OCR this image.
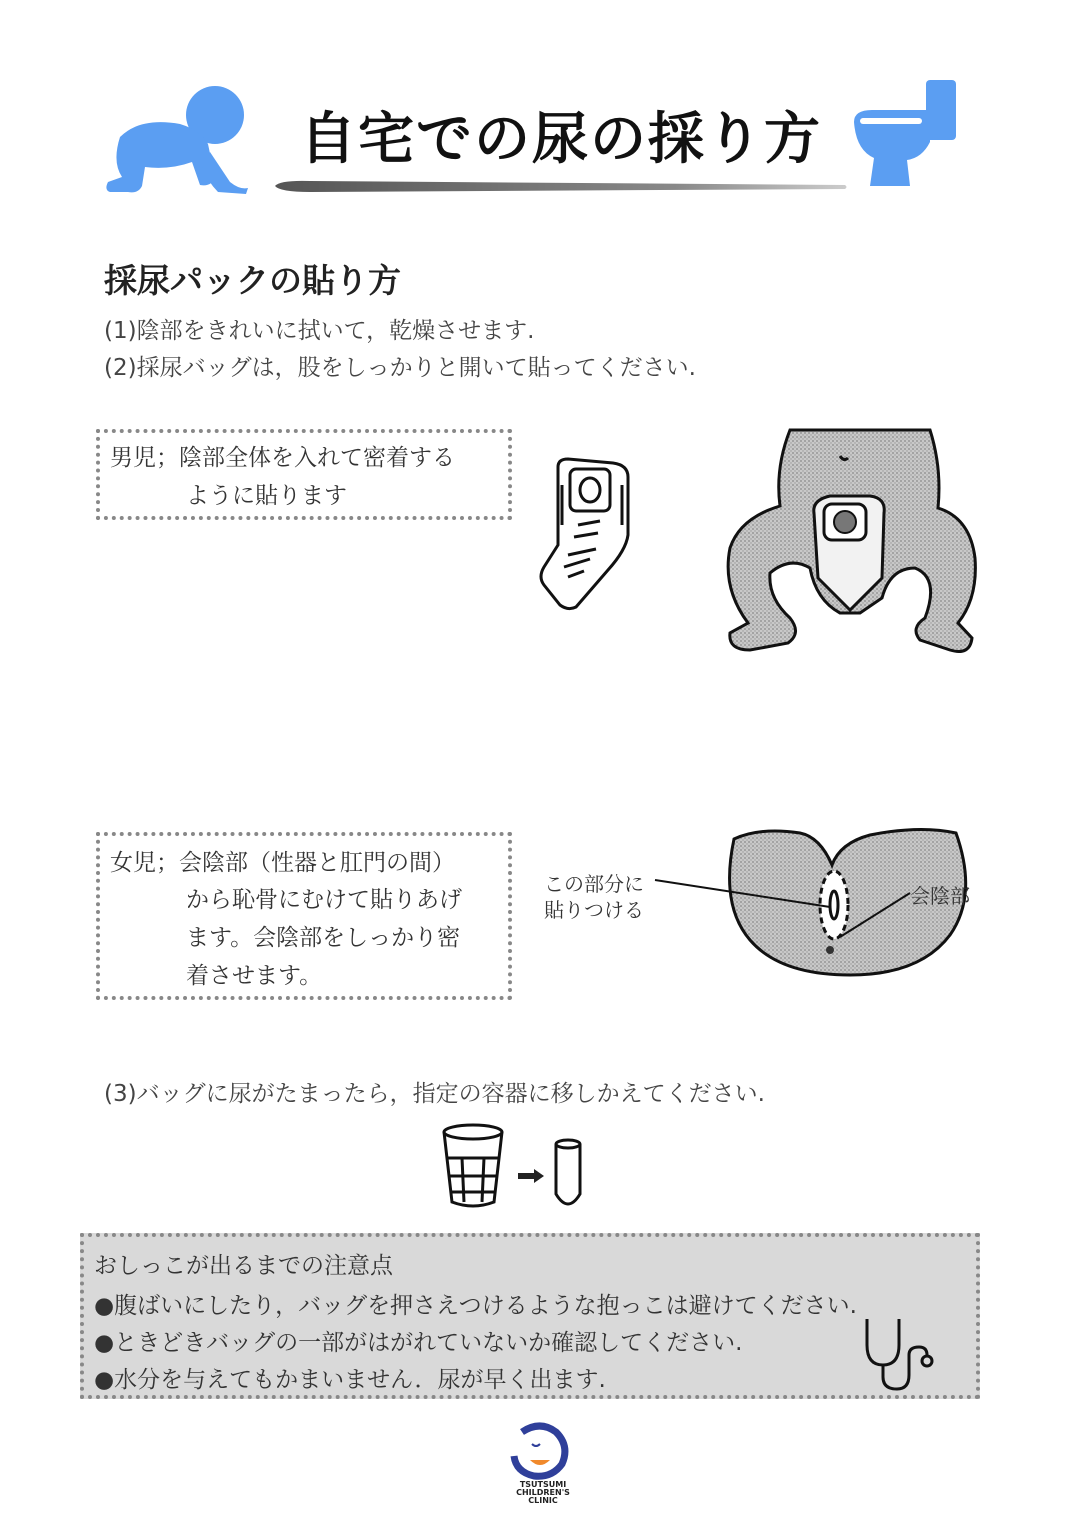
自宅での尿の採り方
採尿パックの貼り方
(1)陰部をきれいに拭いて，乾燥させます.
(2)採尿バッグは，股をしっかりと開いて貼ってください.
男児；陰部全体を入れて密着する
ように貼ります
女児；会陰部（性器と肛門の間）
から恥骨にむけて貼りあげ
ます。会陰部をしっかり密
着させます。
この部分に
貼りつける
会陰部
(3)バッグに尿がたまったら，指定の容器に移しかえてください.
おしっこが出るまでの注意点
●腹ばいにしたり，バッグを押さえつけるような抱っこは避けてください.
●ときどきバッグの一部がはがれていないか確認してください.
●水分を与えてもかまいません．尿が早く出ます.
TSUTSUMI
CHILDREN'S
CLINIC
